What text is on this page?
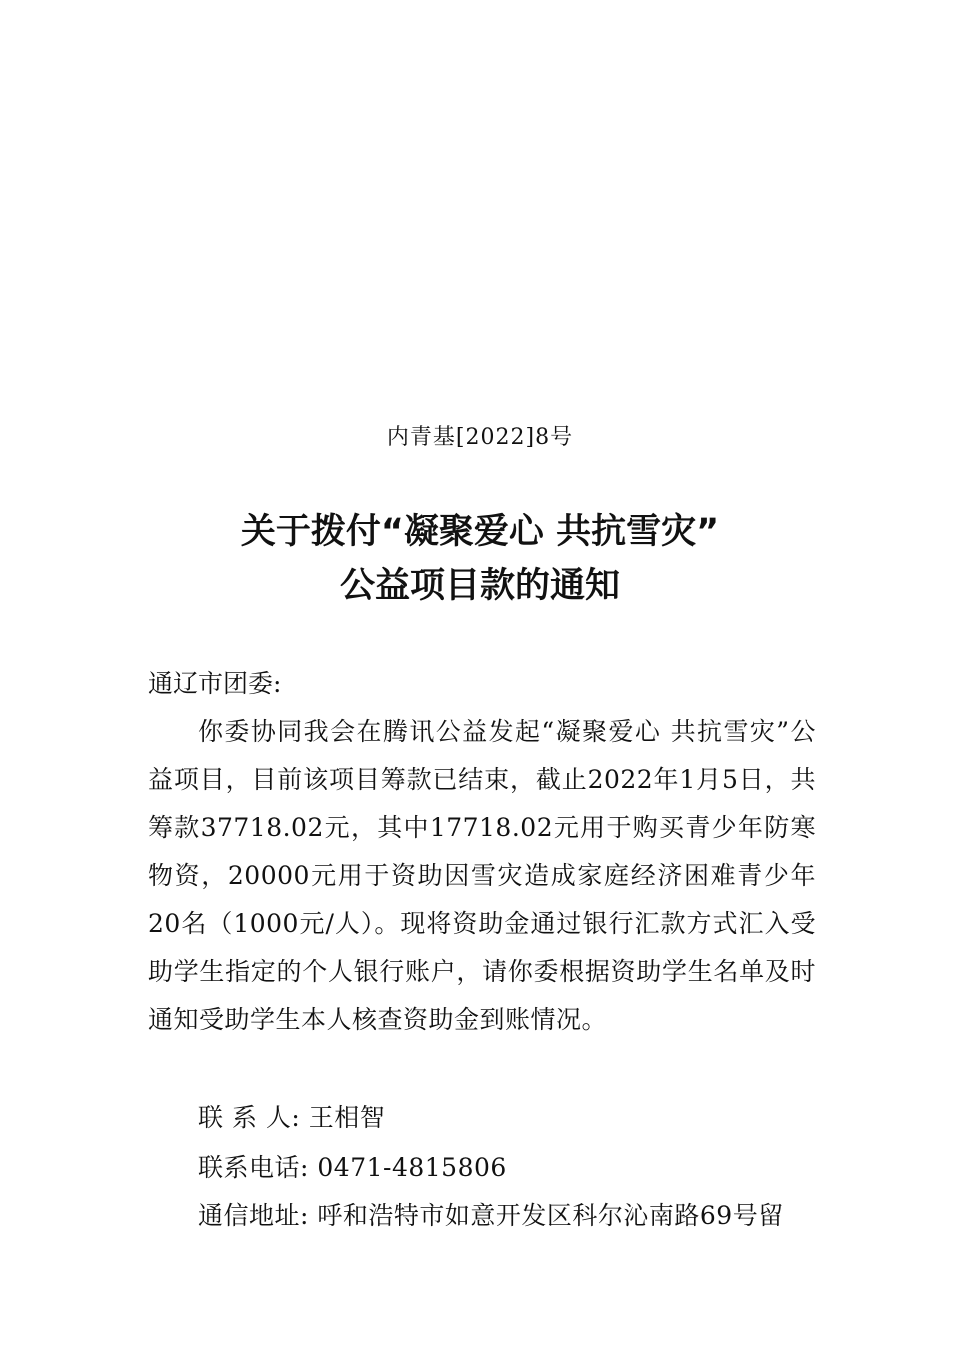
内青基[2022]8号
关于拨付“凝聚爱心 共抗雪灾”
公益项目款的通知
通辽市团委:
你委协同我会在腾讯公益发起“凝聚爱心 共抗雪灾”公益项目，目前该项目筹款已结束，截止2022年1月5日，共筹款37718.02元，其中17718.02元用于购买青少年防寒物资，20000元用于资助因雪灾造成家庭经济困难青少年20名（1000元/人）。现将资助金通过银行汇款方式汇入受助学生指定的个人银行账户，请你委根据资助学生名单及时通知受助学生本人核查资助金到账情况。
联 系 人: 王相智
联系电话: 0471-4815806
通信地址: 呼和浩特市如意开发区科尔沁南路69号留
